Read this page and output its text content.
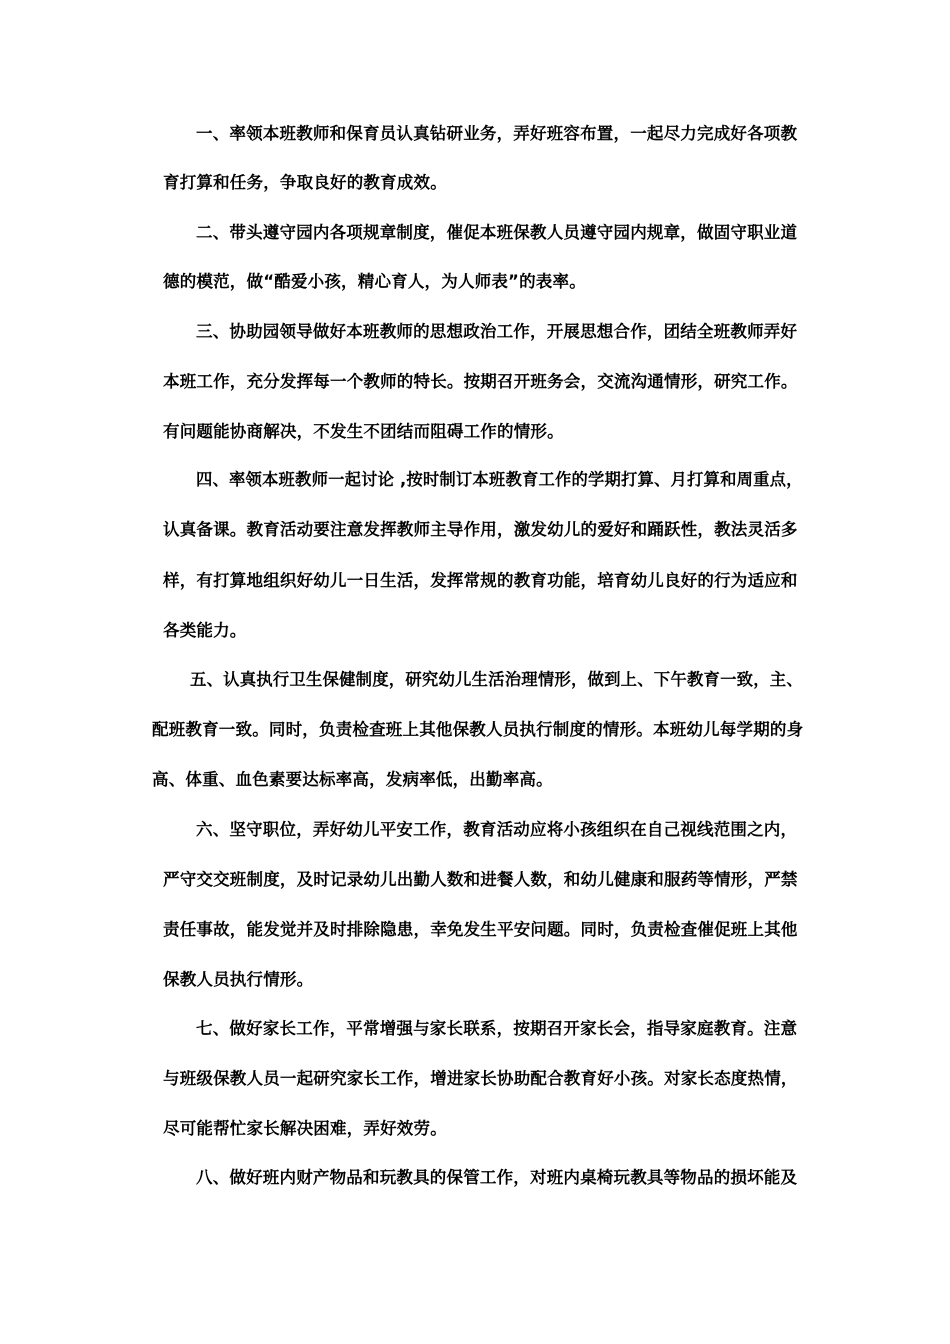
一、率领本班教师和保育员认真钻研业务，弄好班容布置，一起尽力完成好各项教

育打算和任务，争取良好的教育成效。

二、带头遵守园内各项规章制度，催促本班保教人员遵守园内规章，做固守职业道

德的模范，做“酷爱小孩，精心育人，为人师表”的表率。

三、协助园领导做好本班教师的思想政治工作，开展思想合作，团结全班教师弄好

本班工作，充分发挥每一个教师的特长。按期召开班务会，交流沟通情形，研究工作。

有问题能协商解决，不发生不团结而阻碍工作的情形。

四、率领本班教师一起讨论 ,按时制订本班教育工作的学期打算、月打算和周重点，

认真备课。教育活动要注意发挥教师主导作用，激发幼儿的爱好和踊跃性，教法灵活多

样，有打算地组织好幼儿一日生活，发挥常规的教育功能，培育幼儿良好的行为适应和

各类能力。

五、认真执行卫生保健制度，研究幼儿生活治理情形，做到上、下午教育一致，主、

配班教育一致。同时，负责检查班上其他保教人员执行制度的情形。本班幼儿每学期的身

高、体重、血色素要达标率高，发病率低，出勤率高。

六、坚守职位，弄好幼儿平安工作，教育活动应将小孩组织在自己视线范围之内，

严守交交班制度，及时记录幼儿出勤人数和进餐人数，和幼儿健康和服药等情形，严禁

责任事故，能发觉并及时排除隐患，幸免发生平安问题。同时，负责检查催促班上其他

保教人员执行情形。

七、做好家长工作，平常增强与家长联系，按期召开家长会，指导家庭教育。注意

与班级保教人员一起研究家长工作，增进家长协助配合教育好小孩。对家长态度热情，

尽可能帮忙家长解决困难，弄好效劳。

八、做好班内财产物品和玩教具的保管工作，对班内桌椅玩教具等物品的损坏能及
